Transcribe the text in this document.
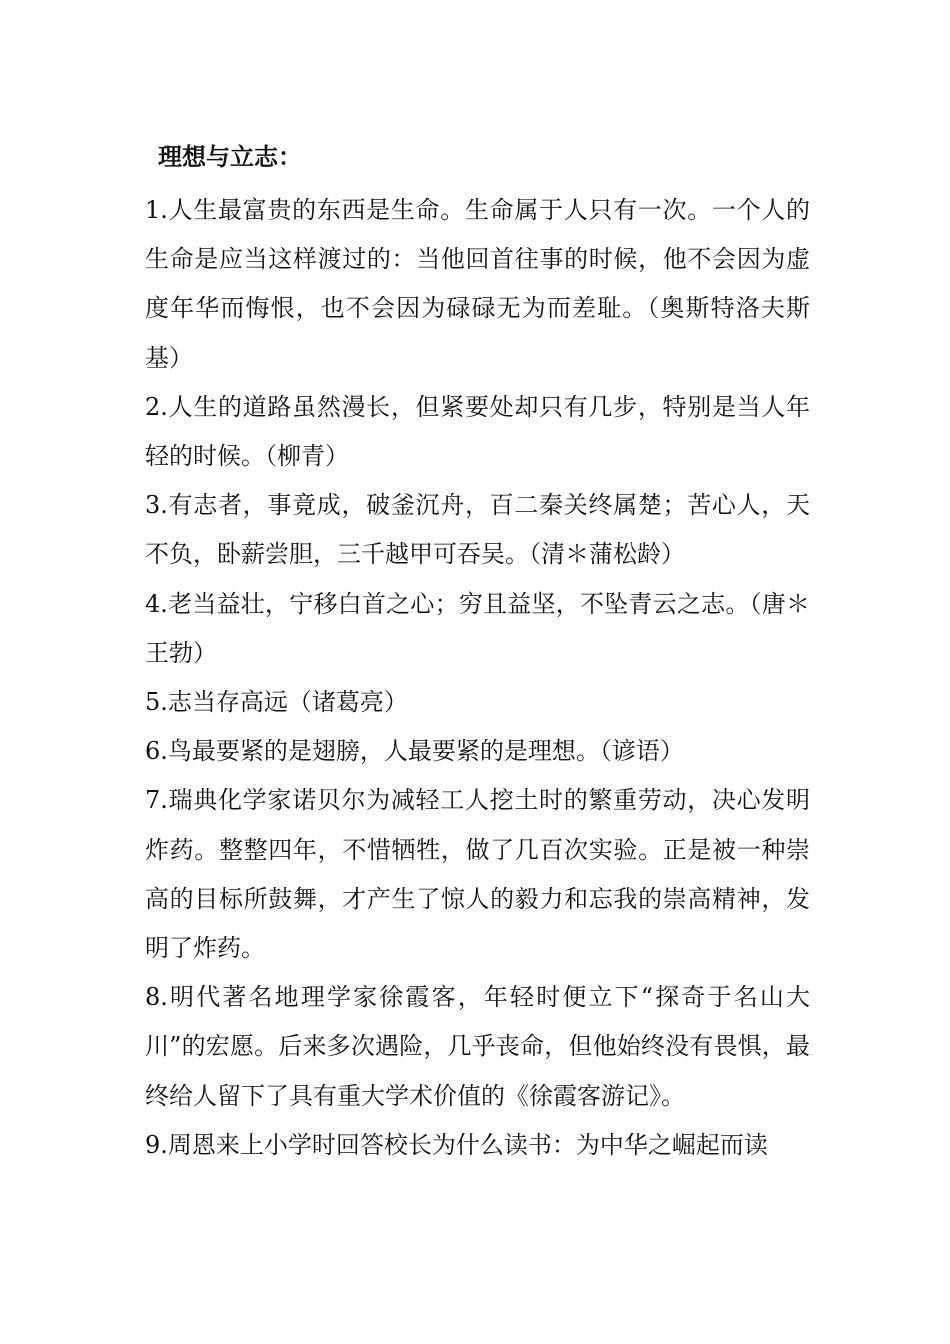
理想与立志：

1.人生最富贵的东西是生命。生命属于人只有一次。一个人的生命是应当这样渡过的：当他回首往事的时候，他不会因为虚度年华而悔恨，也不会因为碌碌无为而差耻。（奥斯特洛夫斯基）

2.人生的道路虽然漫长，但紧要处却只有几步，特别是当人年轻的时候。（柳青）

3.有志者，事竟成，破釜沉舟，百二秦关终属楚；苦心人，天不负，卧薪尝胆，三千越甲可吞吴。（清＊蒲松龄）

4.老当益壮，宁移白首之心；穷且益坚，不坠青云之志。（唐＊王勃）

5.志当存高远（诸葛亮）

6.鸟最要紧的是翅膀，人最要紧的是理想。（谚语）

7.瑞典化学家诺贝尔为减轻工人挖土时的繁重劳动，决心发明炸药。整整四年，不惜牺牲，做了几百次实验。正是被一种崇高的目标所鼓舞，才产生了惊人的毅力和忘我的崇高精神，发明了炸药。

8.明代著名地理学家徐霞客，年轻时便立下“探奇于名山大川”的宏愿。后来多次遇险，几乎丧命，但他始终没有畏惧，最终给人留下了具有重大学术价值的《徐霞客游记》。

9.周恩来上小学时回答校长为什么读书：为中华之崛起而读
